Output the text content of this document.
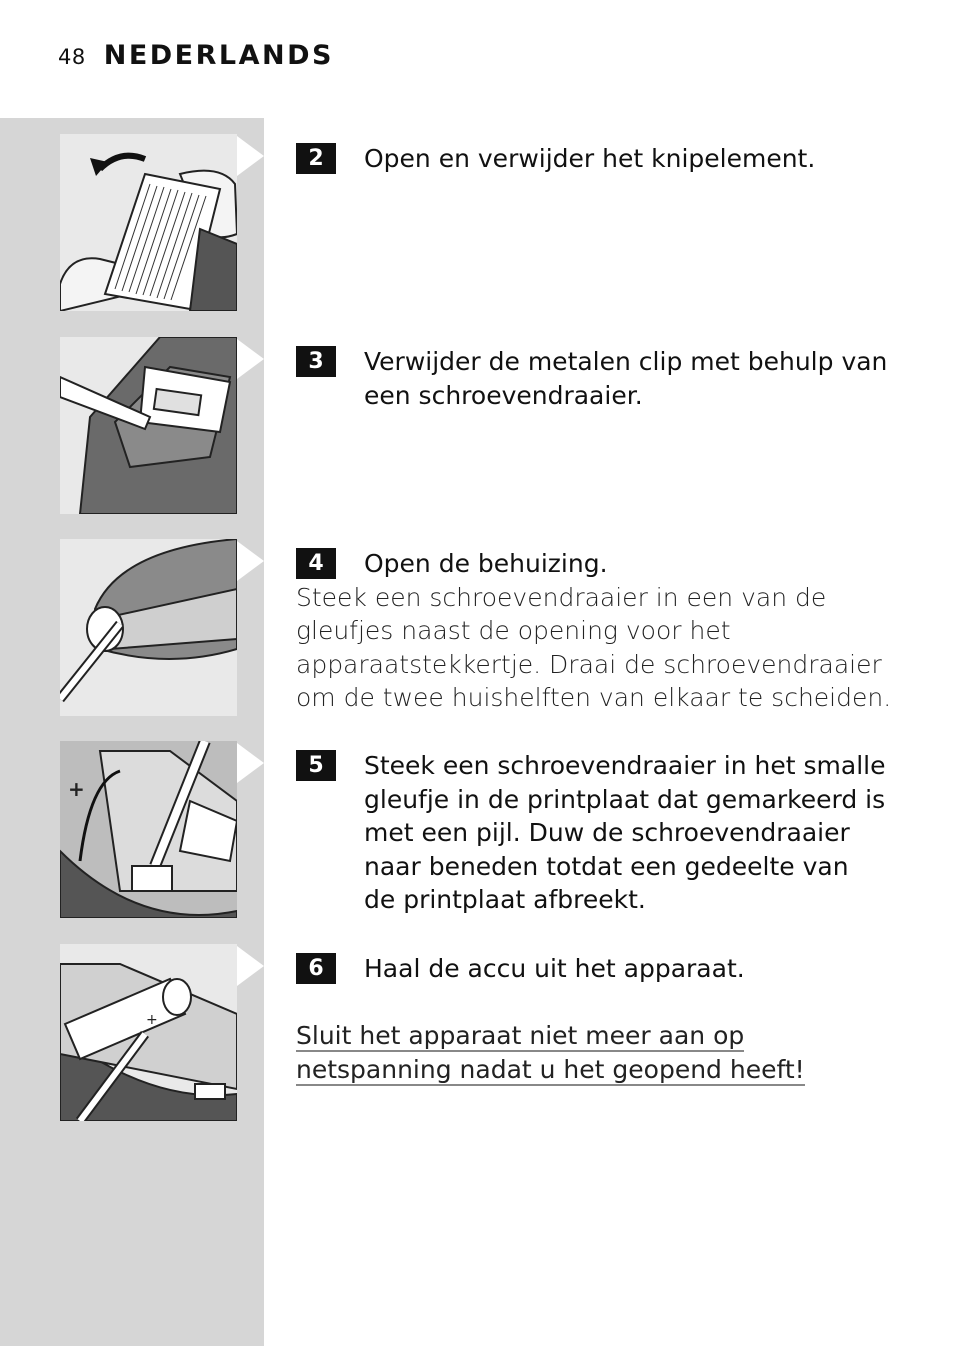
48 NEDERLANDS
+
+
2	Open en verwijder het knipelement.
3	Verwijder de metalen clip met behulp van een schroevendraaier.
4	Open de behuizing.
Steek een schroevendraaier in een van de gleufjes naast de opening voor het apparaatstekkertje. Draai de schroevendraaier om de twee huishelften van elkaar te scheiden.
5	Steek een schroevendraaier in het smalle gleufje in de printplaat dat gemarkeerd is met een pijl. Duw de schroevendraaier naar beneden totdat een gedeelte van de printplaat afbreekt.
6	Haal de accu uit het apparaat.
Sluit het apparaat niet meer aan op netspanning nadat u het geopend heeft!
